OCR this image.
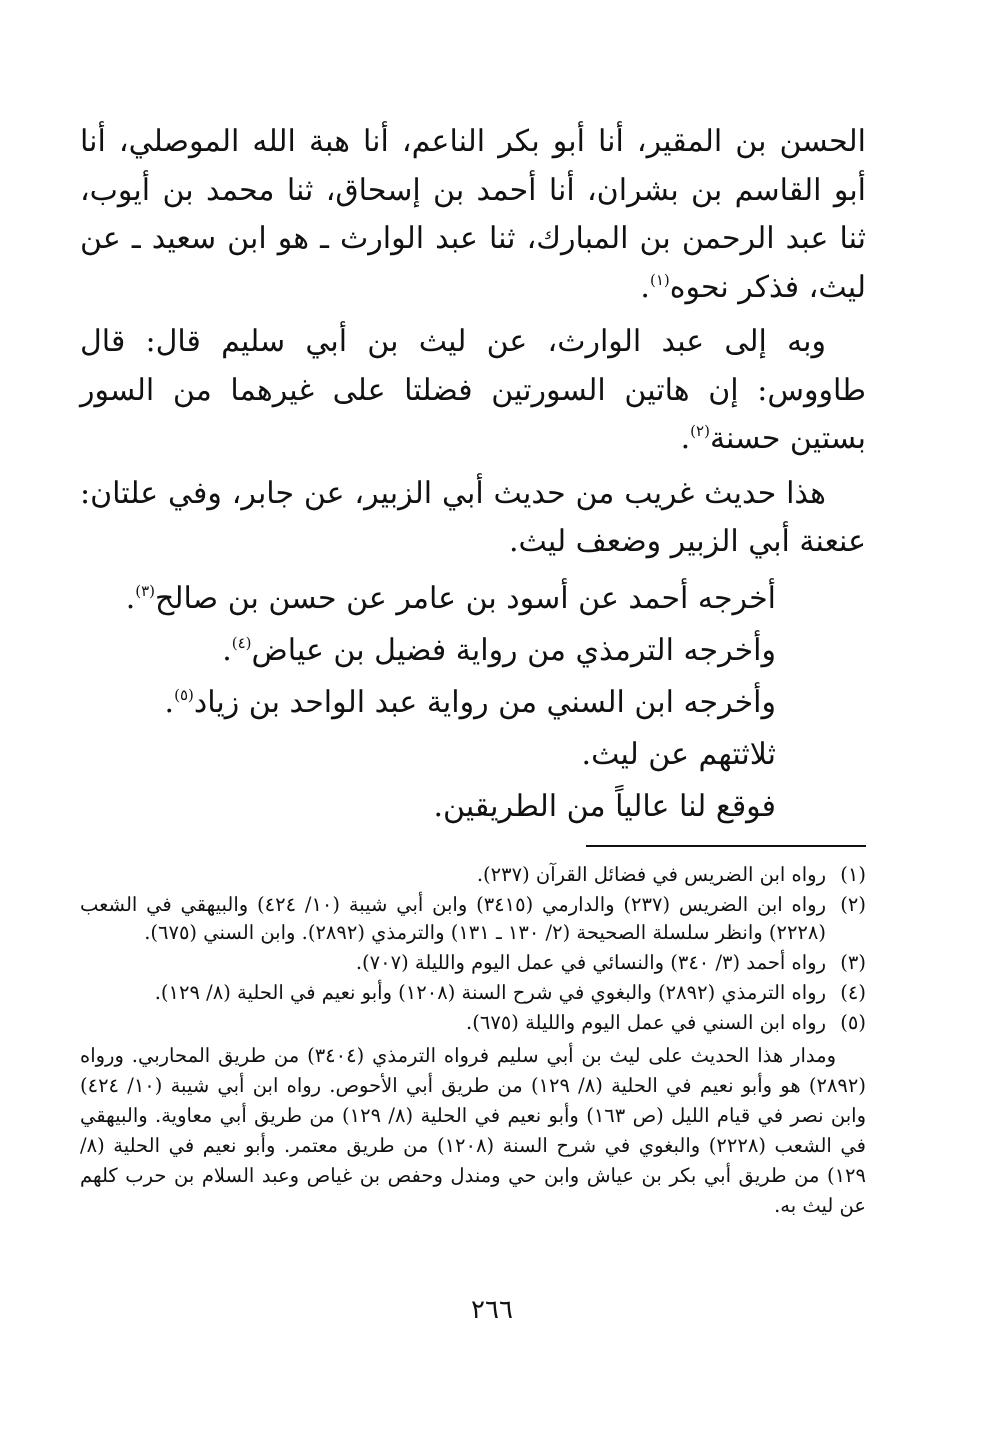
الحسن بن المقير، أنا أبو بكر الناعم، أنا هبة الله الموصلي، أنا أبو القاسم بن بشران، أنا أحمد بن إسحاق، ثنا محمد بن أيوب، ثنا عبد الرحمن بن المبارك، ثنا عبد الوارث ـ هو ابن سعيد ـ عن ليث، فذكر نحوه$^{(١)}$.

وبه إلى عبد الوارث، عن ليث بن أبي سليم قال: قال طاووس: إن هاتين السورتين فضلتا على غيرهما من السور بستين حسنة$^{(٢)}$.

هذا حديث غريب من حديث أبي الزبير، عن جابر، وفي علتان: عنعنة أبي الزبير وضعف ليث.

أخرجه أحمد عن أسود بن عامر عن حسن بن صالح$^{(٣)}$.

وأخرجه الترمذي من رواية فضيل بن عياض$^{(٤)}$.

وأخرجه ابن السني من رواية عبد الواحد بن زياد$^{(٥)}$.

ثلاثتهم عن ليث.

فوقع لنا عالياً من الطريقين.

(١)
رواه ابن الضريس في فضائل القرآن (٢٣٧).
(٢)
رواه ابن الضريس (٢٣٧) والدارمي (٣٤١٥) وابن أبي شيبة (١٠/ ٤٢٤) والبيهقي في الشعب (٢٢٢٨) وانظر سلسلة الصحيحة (٢/ ١٣٠ ـ ١٣١) والترمذي (٢٨٩٢). وابن السني (٦٧٥).
(٣)
رواه أحمد (٣/ ٣٤٠) والنسائي في عمل اليوم والليلة (٧٠٧).
(٤)
رواه الترمذي (٢٨٩٢) والبغوي في شرح السنة (١٢٠٨) وأبو نعيم في الحلية (٨/ ١٢٩).
(٥)
رواه ابن السني في عمل اليوم والليلة (٦٧٥).

ومدار هذا الحديث على ليث بن أبي سليم فرواه الترمذي (٣٤٠٤) من طريق المحاربي. ورواه (٢٨٩٢) هو وأبو نعيم في الحلية (٨/ ١٢٩) من طريق أبي الأحوص. رواه ابن أبي شيبة (١٠/ ٤٢٤) وابن نصر في قيام الليل (ص ١٦٣) وأبو نعيم في الحلية (٨/ ١٢٩) من طريق أبي معاوية. والبيهقي في الشعب (٢٢٢٨) والبغوي في شرح السنة (١٢٠٨) من طريق معتمر. وأبو نعيم في الحلية (٨/ ١٢٩) من طريق أبي بكر بن عياش وابن حي ومندل وحفص بن غياص وعبد السلام بن حرب كلهم عن ليث به.

٢٦٦
